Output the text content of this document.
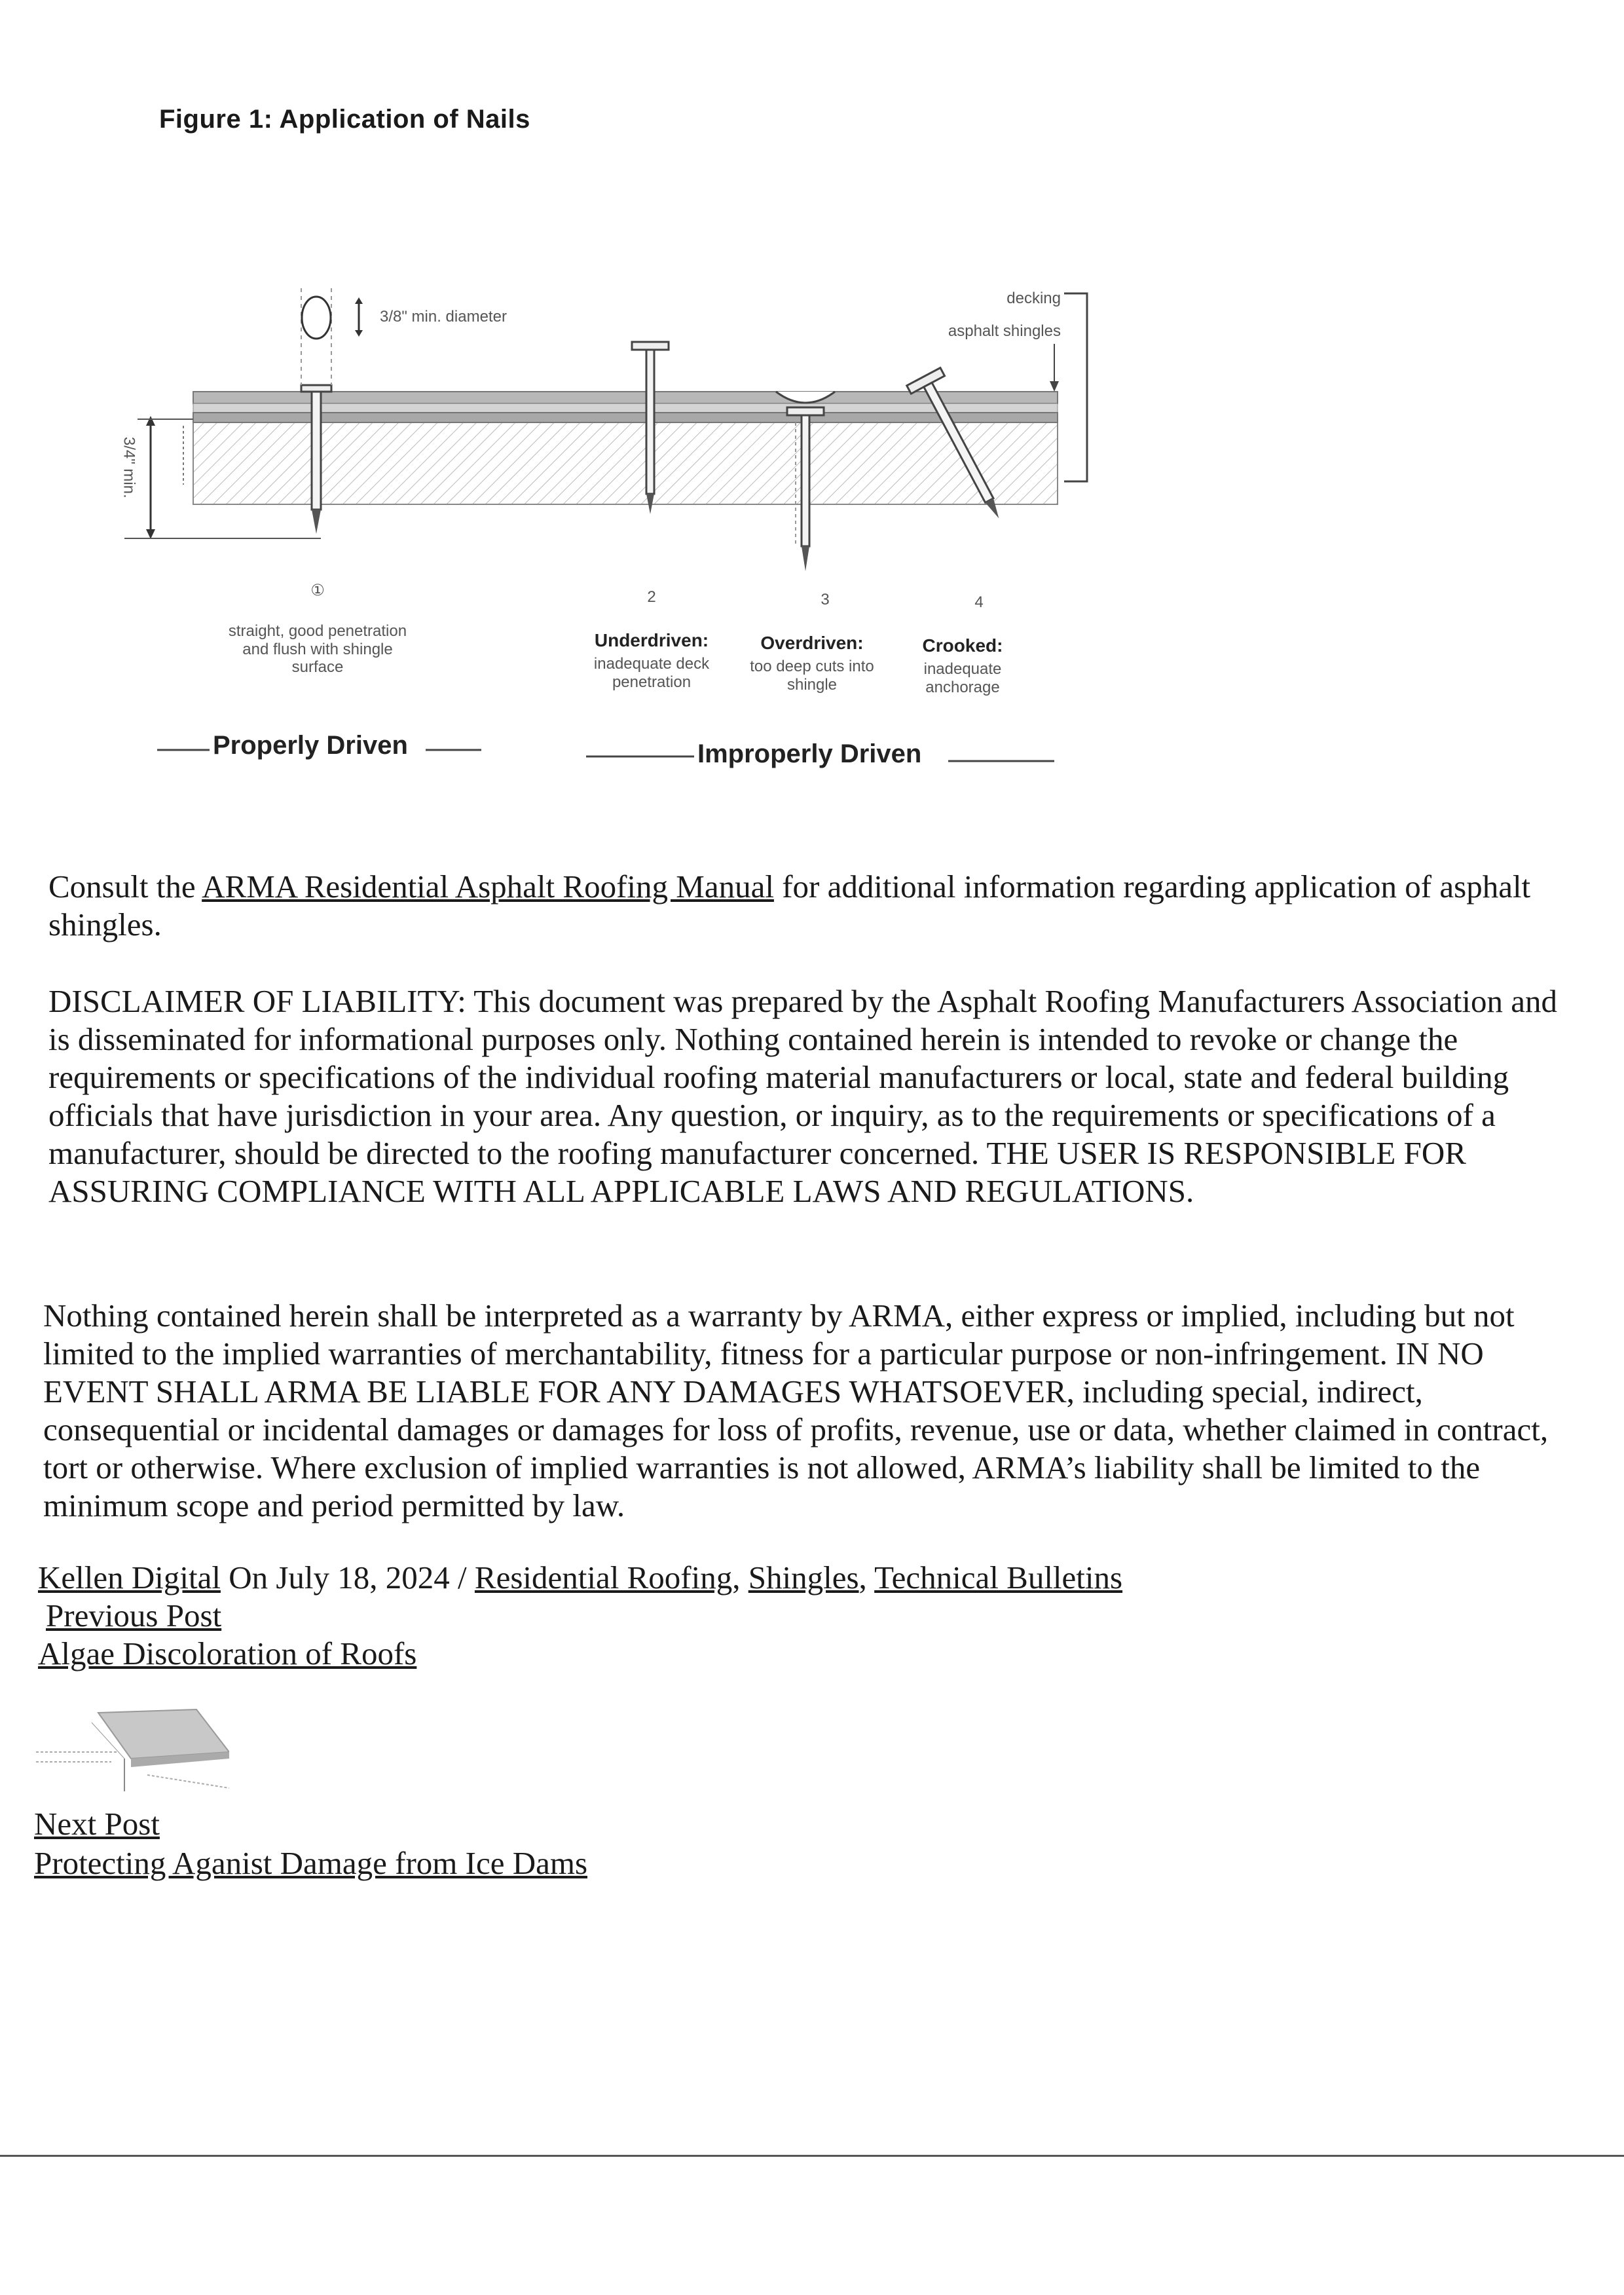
Figure 1: Application of Nails
3/8" min. diameter
3/4" min.
decking
asphalt shingles
①	2	3	4
straight, good penetration and flush with shingle surface
Underdriven:
inadequate deck penetration
Overdriven:
too deep cuts into shingle
Crooked:
inadequate anchorage
Properly Driven	Improperly Driven

Consult the ARMA Residential Asphalt Roofing Manual for additional information regarding application of asphalt shingles.

DISCLAIMER OF LIABILITY: This document was prepared by the Asphalt Roofing Manufacturers Association and is disseminated for informational purposes only. Nothing contained herein is intended to revoke or change the requirements or specifications of the individual roofing material manufacturers or local, state and federal building officials that have jurisdiction in your area. Any question, or inquiry, as to the requirements or specifications of a manufacturer, should be directed to the roofing manufacturer concerned. THE USER IS RESPONSIBLE FOR ASSURING COMPLIANCE WITH ALL APPLICABLE LAWS AND REGULATIONS.

Nothing contained herein shall be interpreted as a warranty by ARMA, either express or implied, including but not limited to the implied warranties of merchantability, fitness for a particular purpose or non-infringement. IN NO EVENT SHALL ARMA BE LIABLE FOR ANY DAMAGES WHATSOEVER, including special, indirect, consequential or incidental damages or damages for loss of profits, revenue, use or data, whether claimed in contract, tort or otherwise. Where exclusion of implied warranties is not allowed, ARMA’s liability shall be limited to the minimum scope and period permitted by law.

Kellen Digital On July 18, 2024 / Residential Roofing, Shingles, Technical Bulletins
Previous Post
Algae Discoloration of Roofs
Next Post
Protecting Aganist Damage from Ice Dams
